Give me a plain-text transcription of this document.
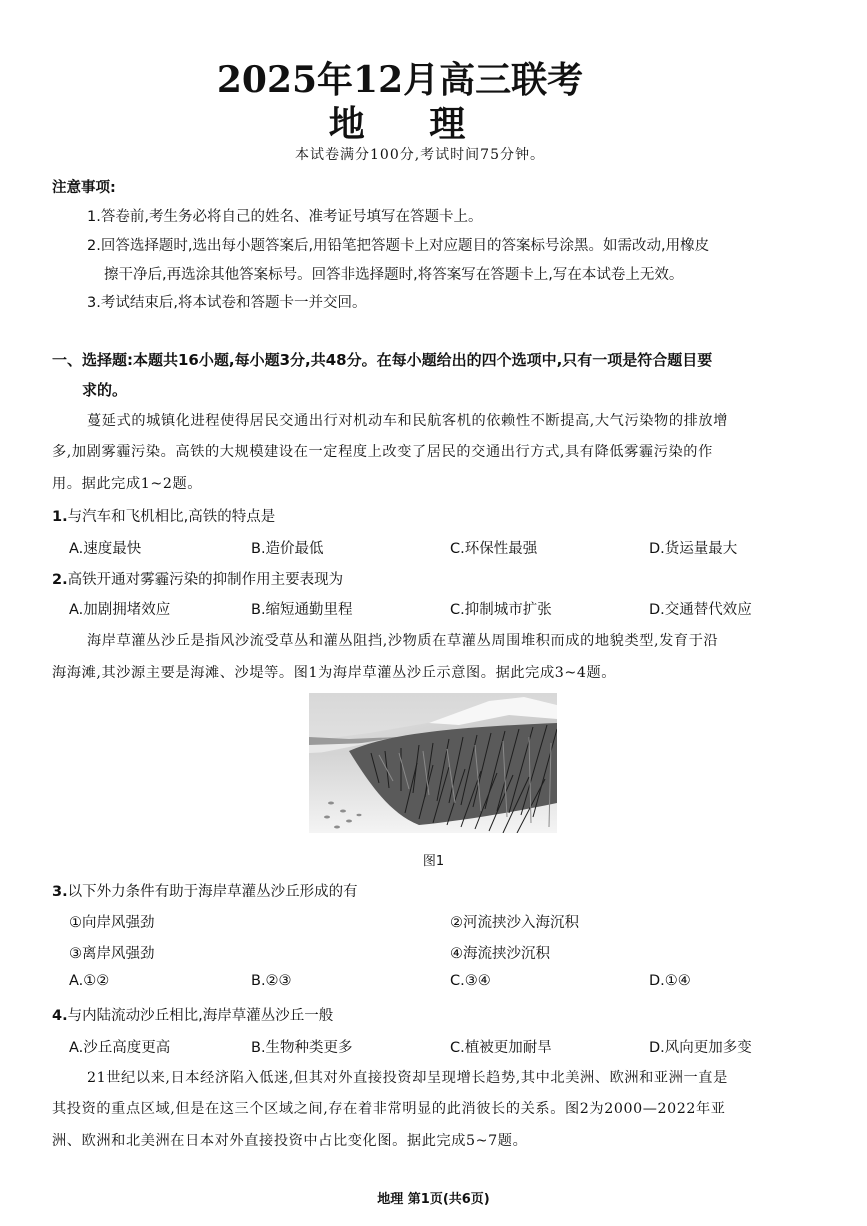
2025年12月高三联考
地 理
本试卷满分100分,考试时间75分钟。
注意事项:
1.答卷前,考生务必将自己的姓名、准考证号填写在答题卡上。
2.回答选择题时,选出每小题答案后,用铅笔把答题卡上对应题目的答案标号涂黑。如需改动,用橡皮
擦干净后,再选涂其他答案标号。回答非选择题时,将答案写在答题卡上,写在本试卷上无效。
3.考试结束后,将本试卷和答题卡一并交回。
一、选择题:本题共16小题,每小题3分,共48分。在每小题给出的四个选项中,只有一项是符合题目要
求的。
蔓延式的城镇化进程使得居民交通出行对机动车和民航客机的依赖性不断提高,大气污染物的排放增
多,加剧雾霾污染。高铁的大规模建设在一定程度上改变了居民的交通出行方式,具有降低雾霾污染的作
用。据此完成1~2题。
1.与汽车和飞机相比,高铁的特点是
A.速度最快	B.造价最低	C.环保性最强	D.货运量最大
2.高铁开通对雾霾污染的抑制作用主要表现为
A.加剧拥堵效应	B.缩短通勤里程	C.抑制城市扩张	D.交通替代效应
海岸草灌丛沙丘是指风沙流受草丛和灌丛阻挡,沙物质在草灌丛周围堆积而成的地貌类型,发育于沿
海海滩,其沙源主要是海滩、沙堤等。图1为海岸草灌丛沙丘示意图。据此完成3~4题。
图1
3.以下外力条件有助于海岸草灌丛沙丘形成的有
①向岸风强劲	②河流挟沙入海沉积
③离岸风强劲	④海流挟沙沉积
A.①②	B.②③	C.③④	D.①④
4.与内陆流动沙丘相比,海岸草灌丛沙丘一般
A.沙丘高度更高	B.生物种类更多	C.植被更加耐旱	D.风向更加多变
21世纪以来,日本经济陷入低迷,但其对外直接投资却呈现增长趋势,其中北美洲、欧洲和亚洲一直是
其投资的重点区域,但是在这三个区域之间,存在着非常明显的此消彼长的关系。图2为2000—2022年亚
洲、欧洲和北美洲在日本对外直接投资中占比变化图。据此完成5~7题。
地理 第1页(共6页)
